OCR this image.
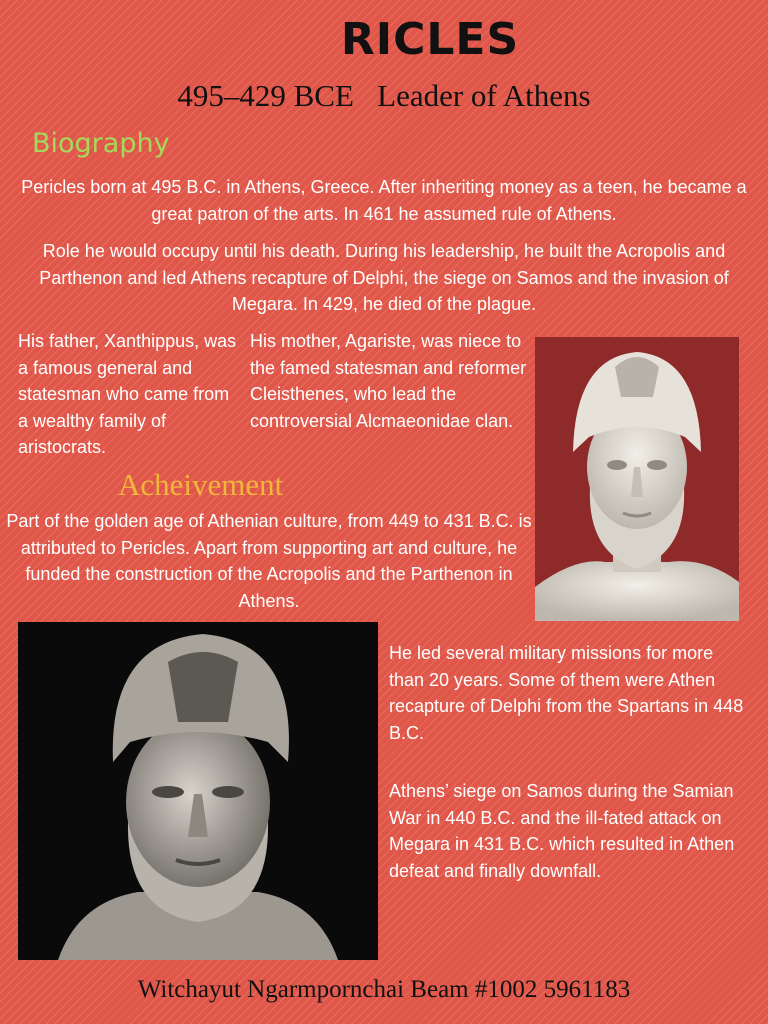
RICLES
495–429 BCE   Leader of Athens
Biography
Pericles born at 495 B.C. in Athens, Greece. After inheriting money as a teen, he became a great patron of the arts. In 461 he assumed rule of Athens.
Role he would occupy until his death. During his leadership, he built the Acropolis and Parthenon and led Athens recapture of Delphi, the siege on Samos and the invasion of Megara. In 429, he died of the plague.
His father, Xanthippus, was a famous general and statesman who came from a wealthy family of aristocrats.
His mother, Agariste, was niece to the famed statesman and reformer Cleisthenes, who lead the controversial Alcmaeonidae clan.
Acheivement
Part of the golden age of Athenian culture, from 449 to 431 B.C. is attributed to Pericles. Apart from supporting art and culture, he funded the construction of the Acropolis and the Parthenon in Athens.
He led several military missions for more than 20 years. Some of them were Athen recapture of Delphi from the Spartans in 448 B.C.
Athens’ siege on Samos during the Samian War in 440 B.C. and the ill-fated attack on Megara in 431 B.C. which resulted in Athen defeat and finally downfall.
Witchayut Ngarmpornchai Beam #1002 5961183
